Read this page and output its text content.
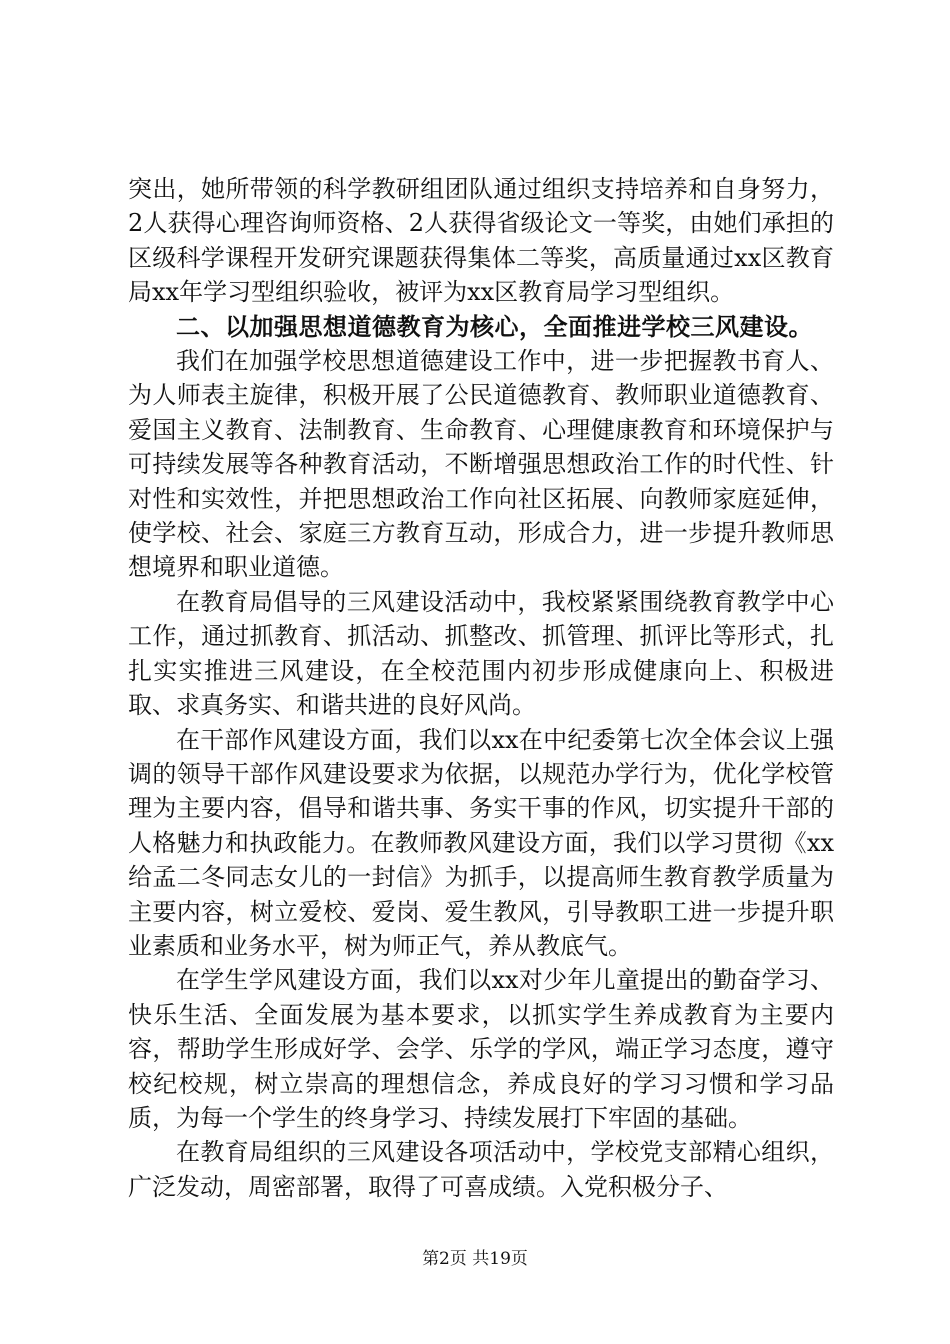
突出，她所带领的科学教研组团队通过组织支持培养和自身努力，2人获得心理咨询师资格、2人获得省级论文一等奖，由她们承担的区级科学课程开发研究课题获得集体二等奖，高质量通过xx区教育局xx年学习型组织验收，被评为xx区教育局学习型组织。

二、以加强思想道德教育为核心，全面推进学校三风建设。

我们在加强学校思想道德建设工作中，进一步把握教书育人、为人师表主旋律，积极开展了公民道德教育、教师职业道德教育、爱国主义教育、法制教育、生命教育、心理健康教育和环境保护与可持续发展等各种教育活动，不断增强思想政治工作的时代性、针对性和实效性，并把思想政治工作向社区拓展、向教师家庭延伸，使学校、社会、家庭三方教育互动，形成合力，进一步提升教师思想境界和职业道德。

在教育局倡导的三风建设活动中，我校紧紧围绕教育教学中心工作，通过抓教育、抓活动、抓整改、抓管理、抓评比等形式，扎扎实实推进三风建设，在全校范围内初步形成健康向上、积极进取、求真务实、和谐共进的良好风尚。

在干部作风建设方面，我们以xx在中纪委第七次全体会议上强调的领导干部作风建设要求为依据，以规范办学行为，优化学校管理为主要内容，倡导和谐共事、务实干事的作风，切实提升干部的人格魅力和执政能力。在教师教风建设方面，我们以学习贯彻《xx给孟二冬同志女儿的一封信》为抓手，以提高师生教育教学质量为主要内容，树立爱校、爱岗、爱生教风，引导教职工进一步提升职业素质和业务水平，树为师正气，养从教底气。

在学生学风建设方面，我们以xx对少年儿童提出的勤奋学习、快乐生活、全面发展为基本要求，以抓实学生养成教育为主要内容，帮助学生形成好学、会学、乐学的学风，端正学习态度，遵守校纪校规，树立崇高的理想信念，养成良好的学习习惯和学习品质，为每一个学生的终身学习、持续发展打下牢固的基础。

在教育局组织的三风建设各项活动中，学校党支部精心组织，广泛发动，周密部署，取得了可喜成绩。入党积极分子、

第2页 共19页
